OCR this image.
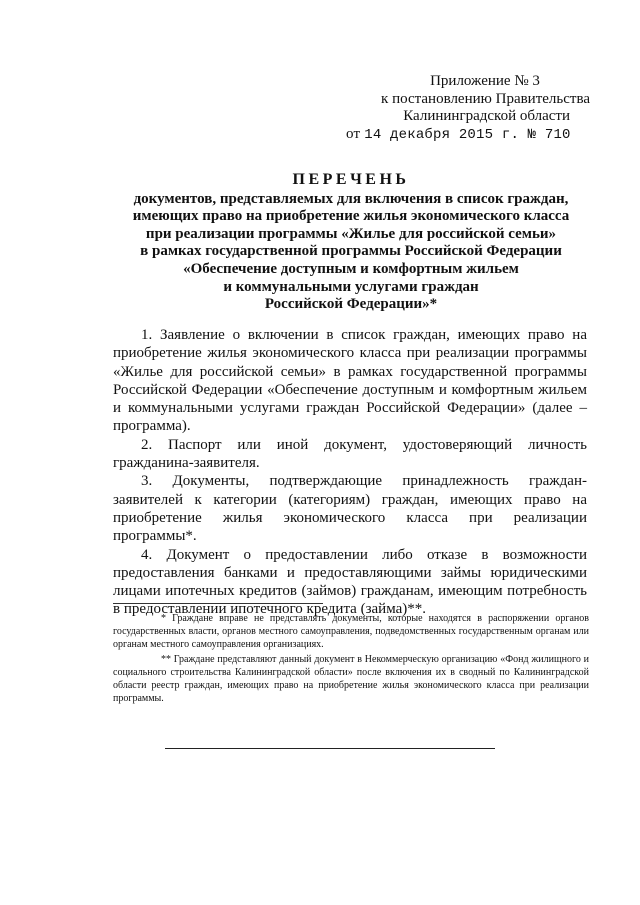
Приложение № 3
к постановлению Правительства
Калининградской области
от 14 декабря 2015 г. № 710
ПЕРЕЧЕНЬ
документов, представляемых для включения в список граждан,
имеющих право на приобретение жилья экономического класса
при реализации программы «Жилье для российской семьи»
в рамках государственной программы Российской Федерации
«Обеспечение доступным и комфортным жильем
и коммунальными услугами граждан
Российской Федерации»*

1. Заявление о включении в список граждан, имеющих право на приобретение жилья экономического класса при реализации программы «Жилье для российской семьи» в рамках государственной программы Российской Федерации «Обеспечение доступным и комфортным жильем и коммунальными услугами граждан Российской Федерации» (далее – программа).

2. Паспорт или иной документ, удостоверяющий личность гражданина-заявителя.

3. Документы, подтверждающие принадлежность граждан-заявителей к категории (категориям) граждан, имеющих право на приобретение жилья экономического класса при реализации программы*.

4. Документ о предоставлении либо отказе в возможности предоставления банками и предоставляющими займы юридическими лицами ипотечных кредитов (займов) гражданам, имеющим потребность в предоставлении ипотечного кредита (займа)**.

* Граждане вправе не представлять документы, которые находятся в распоряжении органов государственных власти, органов местного самоуправления, подведомственных государственным органам или органам местного самоуправления организациях.

** Граждане представляют данный документ в Некоммерческую организацию «Фонд жилищного и социального строительства Калининградской области» после включения их в сводный по Калининградской области реестр граждан, имеющих право на приобретение жилья экономического класса при реализации программы.
